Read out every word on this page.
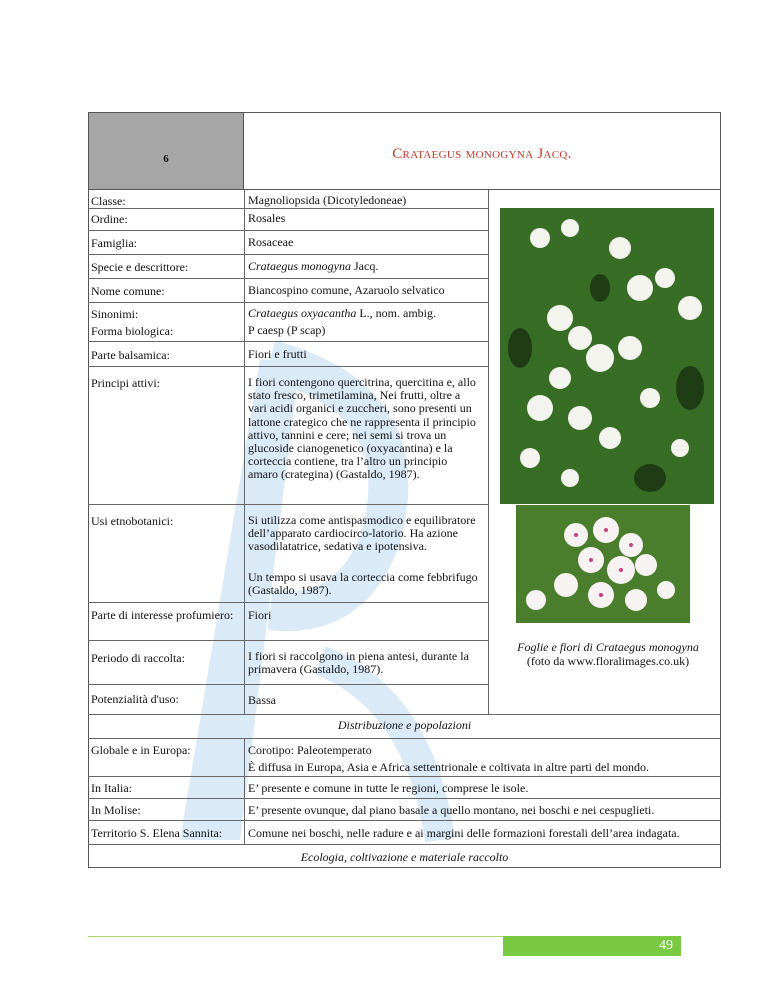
6	Crataegus monogyna Jacq.
Classe:	Magnoliopsida (Dicotyledoneae)
Ordine:	Rosales
Famiglia:	Rosaceae
Specie e descrittore:	Crataegus monogyna Jacq.
Nome comune:	Biancospino comune, Azaruolo selvatico
Sinonimi:	Crataegus oxyacantha L., nom. ambig.
Forma biologica:	P caesp (P scap)
Parte balsamica:	Fiori e frutti
Principi attivi:	I fiori contengono quercitrina, quercitina e, allo stato fresco, trimetilamina, Nei frutti, oltre a vari acidi organici e zuccheri, sono presenti un lattone crategico che ne rappresenta il principio attivo, tannini e cere; nei semi si trova un glucoside cianogenetico (oxyacantina) e la corteccia contiene, tra l’altro un principio amaro (crategina) (Gastaldo, 1987).
Usi etnobotanici:	Si utilizza come antispasmodico e equilibratore dell’apparato cardiocirco-latorio. Ha azione vasodilatatrice, sedativa e ipotensiva.
Un tempo si usava la corteccia come febbrifugo (Gastaldo, 1987).
Parte di interesse profumiero:	Fiori
Periodo di raccolta:	I fiori si raccolgono in piena antesi, durante la primavera (Gastaldo, 1987).
Potenzialità d'uso:	Bassa
Foglie e fiori di Crataegus monogyna
(foto da www.floralimages.co.uk)
Distribuzione e popolazioni
Globale e in Europa:	Corotipo: Paleotemperato
È diffusa in Europa, Asia e Africa settentrionale e coltivata in altre parti del mondo.
In Italia:	E’ presente e comune in tutte le regioni, comprese le isole.
In Molise:	E’ presente ovunque, dal piano basale a quello montano, nei boschi e nei cespuglieti.
Territorio S. Elena Sannita: Comune nei boschi, nelle radure e ai margini delle formazioni forestali dell’area indagata.
Ecologia, coltivazione e materiale raccolto
49
